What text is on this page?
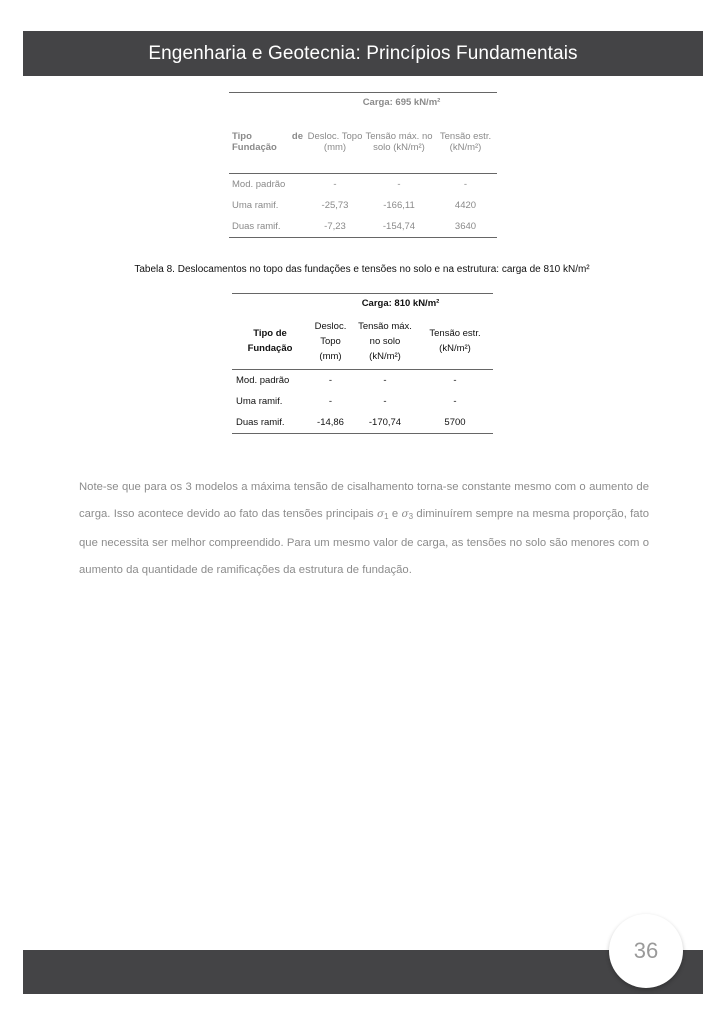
Engenharia e Geotecnia: Princípios Fundamentais
	Carga: 695 kN/m²		

Tipo de
Fundação	Desloc. Topo (mm)	Tensão máx. no solo (kN/m²)	Tensão estr. (kN/m²)
Mod. padrão	-	-	-
Uma ramif.	-25,73	-166,11	4420
Duas ramif.	-7,23	-154,74	3640
Tabela 8. Deslocamentos no topo das fundações e tensões no solo e na estrutura: carga de 810 kN/m²
	Carga: 810 kN/m²		
Tipo de Fundação	Desloc. Topo (mm)	Tensão máx. no solo (kN/m²)	Tensão estr. (kN/m²)
Mod. padrão	-	-	-
Uma ramif.	-	-	-
Duas ramif.	-14,86	-170,74	5700

Note-se que para os 3 modelos a máxima tensão de cisalhamento torna-se constante mesmo com o aumento de carga. Isso acontece devido ao fato das tensões principais $\sigma_1$ e $\sigma_3$ diminuírem sempre na mesma proporção, fato que necessita ser melhor compreendido. Para um mesmo valor de carga, as tensões no solo são menores com o aumento da quantidade de ramificações da estrutura de fundação.

36
